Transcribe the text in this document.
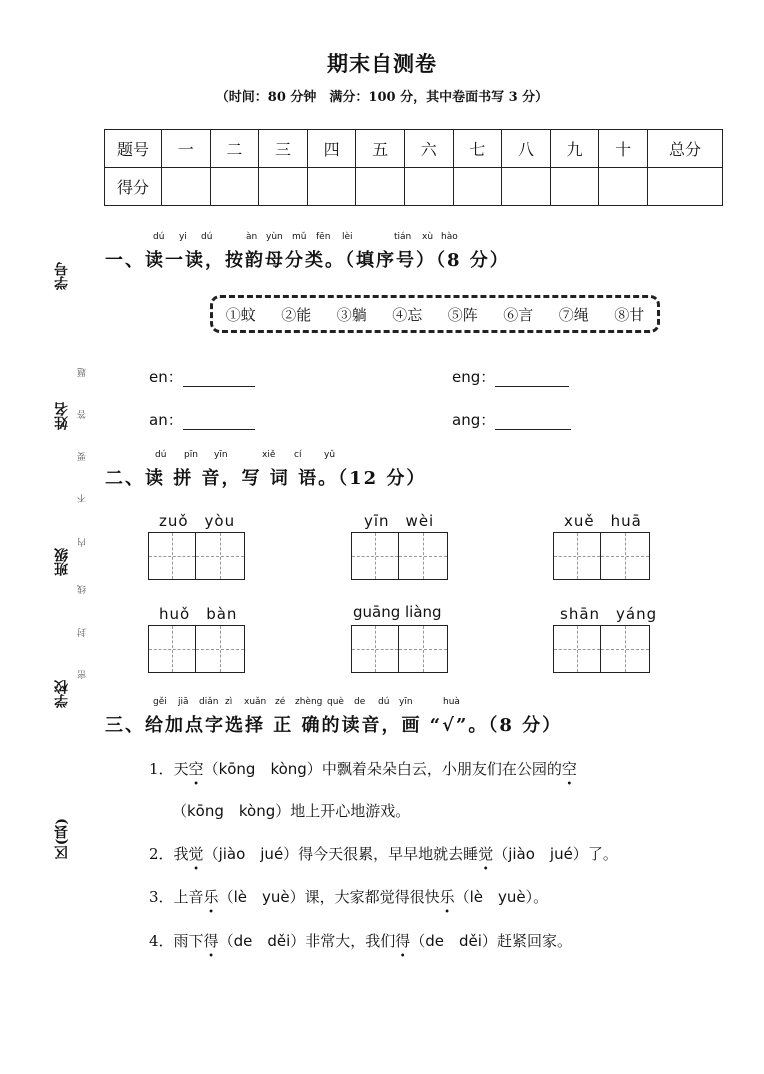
期末自测卷
（时间：80 分钟　满分：100 分，其中卷面书写 3 分）
题号	一	二	三	四	五	六	七	八	九	十	总分
得分											
学号
姓名
班级
学校
区(县)
题
答
要
不
内
线
封
密
dú yi dú	àn yùn mǔ fēn lèi	tián xù hào
一、读一读，按韵母分类。（填序号）（8 分）
①蚊 ②能 ③躺 ④忘 ⑤阵 ⑥言 ⑦绳 ⑧甘
en：	eng：
an：	ang：
dú pīn yīn	xiě cí	yǔ
二、读 拼 音，写 词 语。（12 分）
zuǒ　yòu	yīn　wèi	xuě　huā
huǒ　bàn	guāng liàng	shān　yáng
gěi jiā diǎn zì xuǎn zé zhèng què de dú yīn	huà
三、给加点字选择 正 确的读音，画 “√”。（8 分）
1．天空（kōng　kòng）中飘着朵朵白云，小朋友们在公园的空
（kōng　kòng）地上开心地游戏。
2．我觉（jiào　jué）得今天很累，早早地就去睡觉（jiào　jué）了。
3．上音乐（lè　yuè）课，大家都觉得很快乐（lè　yuè）。
4．雨下得（de　děi）非常大，我们得（de　děi）赶紧回家。
